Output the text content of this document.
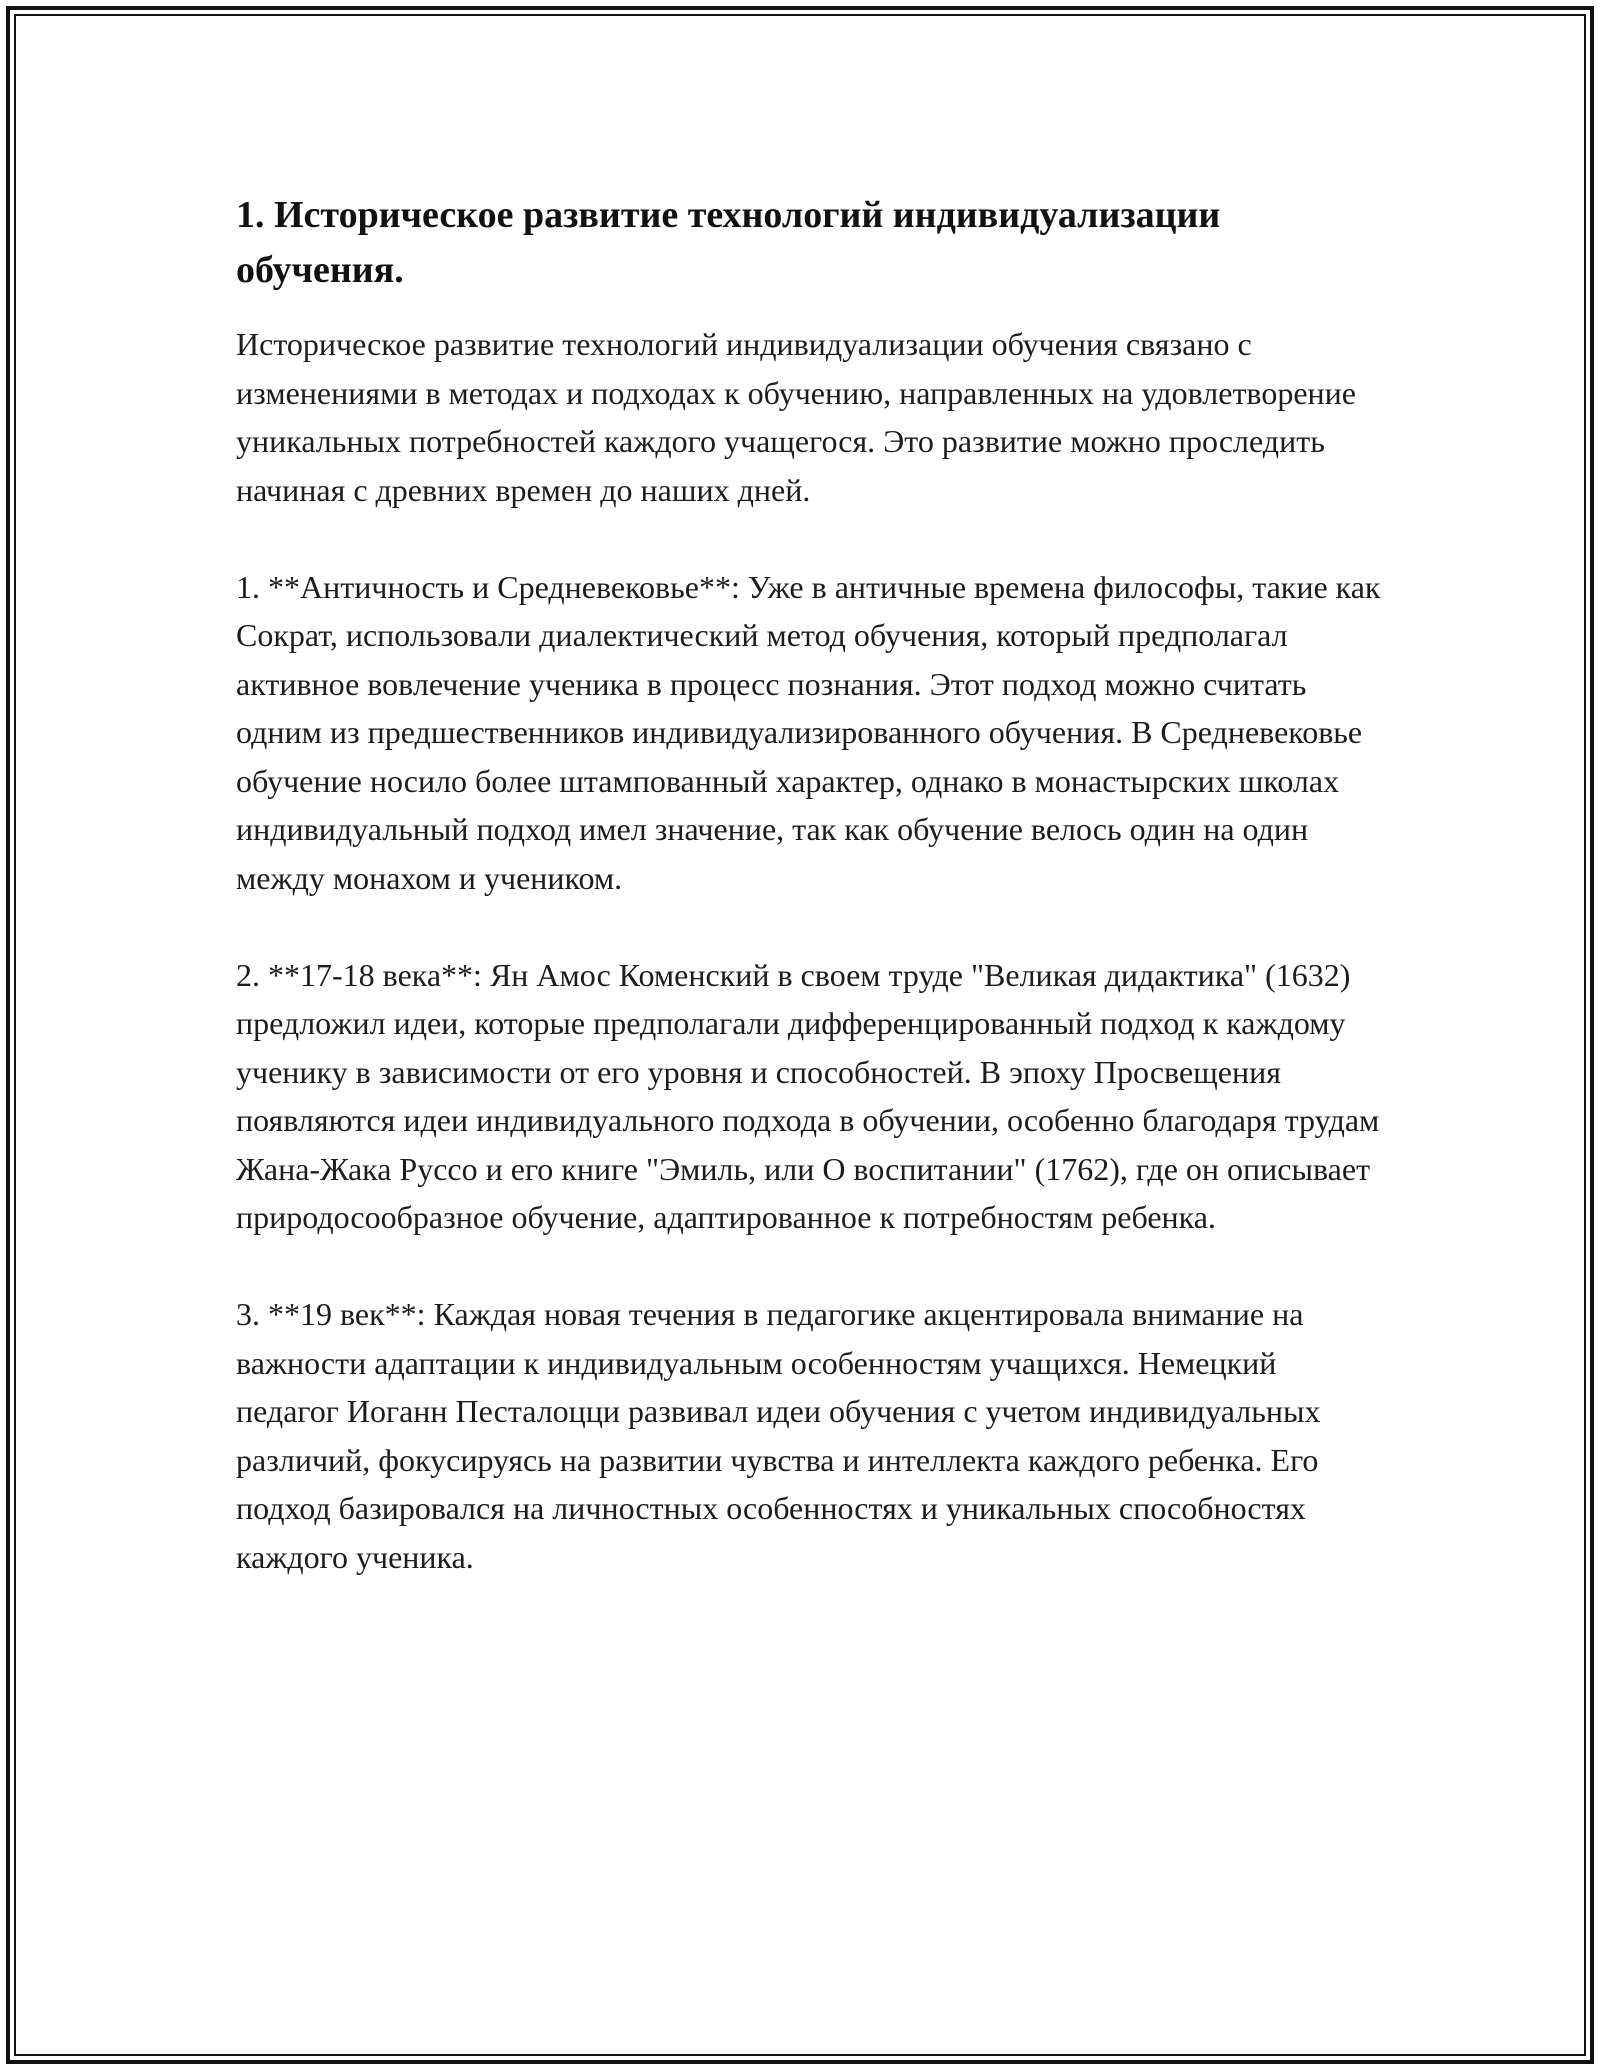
1. Историческое развитие технологий индивидуализации обучения.

Историческое развитие технологий индивидуализации обучения связано с изменениями в методах и подходах к обучению, направленных на удовлетворение уникальных потребностей каждого учащегося. Это развитие можно проследить начиная с древних времен до наших дней.

1. **Античность и Средневековье**: Уже в античные времена философы, такие как Сократ, использовали диалектический метод обучения, который предполагал активное вовлечение ученика в процесс познания. Этот подход можно считать одним из предшественников индивидуализированного обучения. В Средневековье обучение носило более штампованный характер, однако в монастырских школах индивидуальный подход имел значение, так как обучение велось один на один между монахом и учеником.

2. **17-18 века**: Ян Амос Коменский в своем труде "Великая дидактика" (1632) предложил идеи, которые предполагали дифференцированный подход к каждому ученику в зависимости от его уровня и способностей. В эпоху Просвещения появляются идеи индивидуального подхода в обучении, особенно благодаря трудам Жана-Жака Руссо и его книге "Эмиль, или О воспитании" (1762), где он описывает природосообразное обучение, адаптированное к потребностям ребенка.

3. **19 век**: Каждая новая течения в педагогике акцентировала внимание на важности адаптации к индивидуальным особенностям учащихся. Немецкий педагог Иоганн Песталоцци развивал идеи обучения с учетом индивидуальных различий, фокусируясь на развитии чувства и интеллекта каждого ребенка. Его подход базировался на личностных особенностях и уникальных способностях каждого ученика.
